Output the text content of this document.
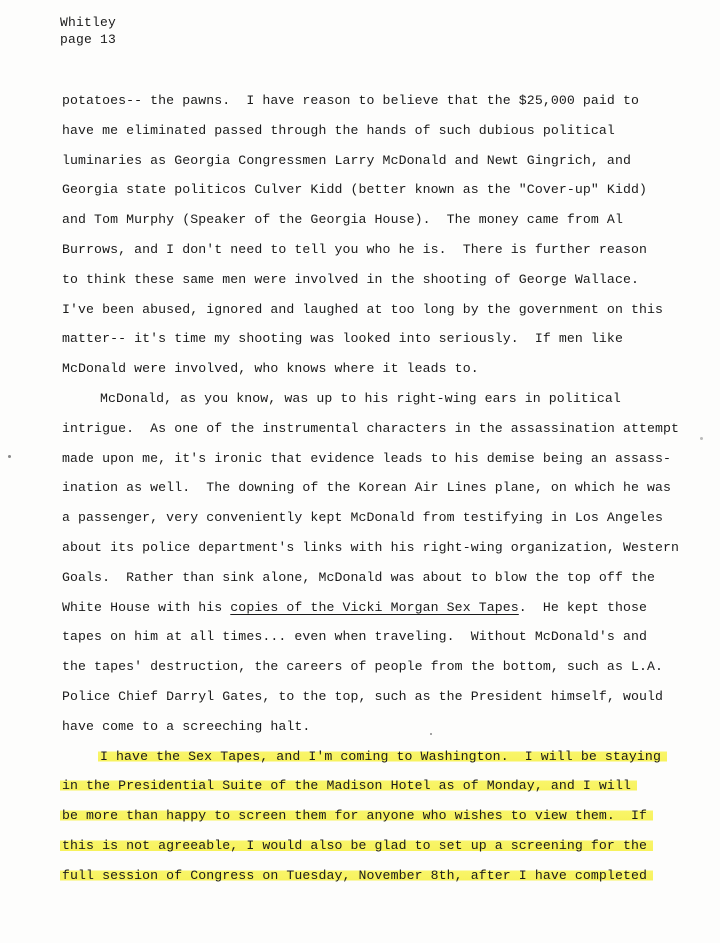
Whitley
page 13
potatoes-- the pawns.  I have reason to believe that the $25,000 paid to
have me eliminated passed through the hands of such dubious political
luminaries as Georgia Congressmen Larry McDonald and Newt Gingrich, and
Georgia state politicos Culver Kidd (better known as the "Cover-up" Kidd)
and Tom Murphy (Speaker of the Georgia House).  The money came from Al
Burrows, and I don't need to tell you who he is.  There is further reason
to think these same men were involved in the shooting of George Wallace.
I've been abused, ignored and laughed at too long by the government on this
matter-- it's time my shooting was looked into seriously.  If men like
McDonald were involved, who knows where it leads to.
McDonald, as you know, was up to his right-wing ears in political
intrigue.  As one of the instrumental characters in the assassination attempt
made upon me, it's ironic that evidence leads to his demise being an assass-
ination as well.  The downing of the Korean Air Lines plane, on which he was
a passenger, very conveniently kept McDonald from testifying in Los Angeles
about its police department's links with his right-wing organization, Western
Goals.  Rather than sink alone, McDonald was about to blow the top off the
White House with his copies of the Vicki Morgan Sex Tapes.  He kept those
tapes on him at all times... even when traveling.  Without McDonald's and
the tapes' destruction, the careers of people from the bottom, such as L.A.
Police Chief Darryl Gates, to the top, such as the President himself, would
have come to a screeching halt.
I have the Sex Tapes, and I'm coming to Washington.  I will be staying
in the Presidential Suite of the Madison Hotel as of Monday, and I will
be more than happy to screen them for anyone who wishes to view them.  If
this is not agreeable, I would also be glad to set up a screening for the
full session of Congress on Tuesday, November 8th, after I have completed
